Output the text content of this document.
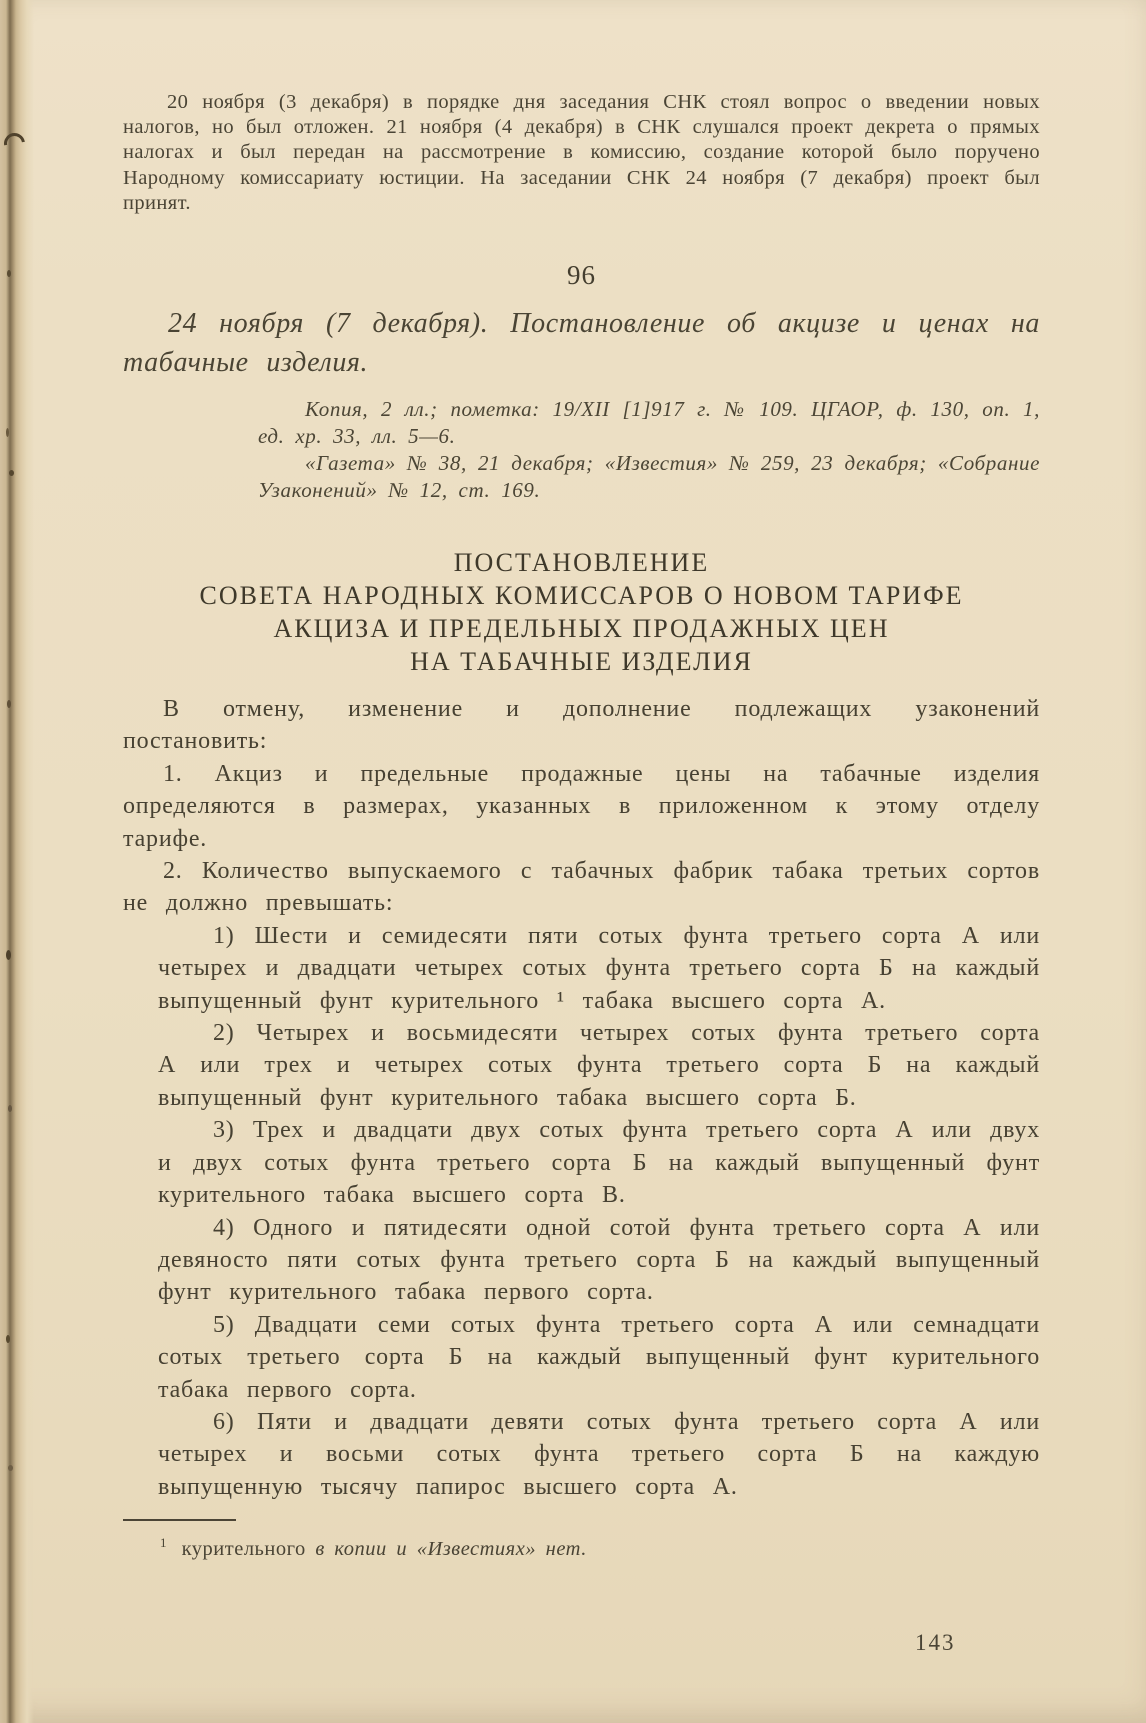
20 ноября (3 декабря) в порядке дня заседания СНК стоял вопрос о введении новых налогов, но был отложен. 21 ноября (4 декабря) в СНК слушался проект декрета о прямых налогах и был передан на рассмотрение в комиссию, создание которой было поручено Народному комиссариату юстиции. На заседании СНК 24 ноября (7 декабря) проект был принят.

96

24 ноября (7 декабря). Постановление об акцизе и ценах на табачные изделия.

Копия, 2 лл.; пометка: 19/XII [1]917 г. № 109. ЦГАОР, ф. 130, оп. 1, ед. хр. 33, лл. 5—6.

«Газета» № 38, 21 декабря; «Известия» № 259, 23 декабря; «Собрание Узаконений» № 12, ст. 169.

ПОСТАНОВЛЕНИЕ
СОВЕТА НАРОДНЫХ КОМИССАРОВ О НОВОМ ТАРИФЕ
АКЦИЗА И ПРЕДЕЛЬНЫХ ПРОДАЖНЫХ ЦЕН
НА ТАБАЧНЫЕ ИЗДЕЛИЯ

В отмену, изменение и дополнение подлежащих узаконений постановить:

1. Акциз и предельные продажные цены на табачные изделия определяются в размерах, указанных в приложенном к этому отделу тарифе.

2. Количество выпускаемого с табачных фабрик табака третьих сортов не должно превышать:

1) Шести и семидесяти пяти сотых фунта третьего сорта А или четырех и двадцати четырех сотых фунта третьего сорта Б на каждый выпущенный фунт курительного ¹ табака высшего сорта А.

2) Четырех и восьмидесяти четырех сотых фунта третьего сорта А или трех и четырех сотых фунта третьего сорта Б на каждый выпущенный фунт курительного табака высшего сорта Б.

3) Трех и двадцати двух сотых фунта третьего сорта А или двух и двух сотых фунта третьего сорта Б на каждый выпущенный фунт курительного табака высшего сорта В.

4) Одного и пятидесяти одной сотой фунта третьего сорта А или девяносто пяти сотых фунта третьего сорта Б на каждый выпущенный фунт курительного табака первого сорта.

5) Двадцати семи сотых фунта третьего сорта А или семнадцати сотых третьего сорта Б на каждый выпущенный фунт курительного табака первого сорта.

6) Пяти и двадцати девяти сотых фунта третьего сорта А или четырех и восьми сотых фунта третьего сорта Б на каждую выпущенную тысячу папирос высшего сорта А.

$^1$ курительного в копии и «Известиях» нет.

143
